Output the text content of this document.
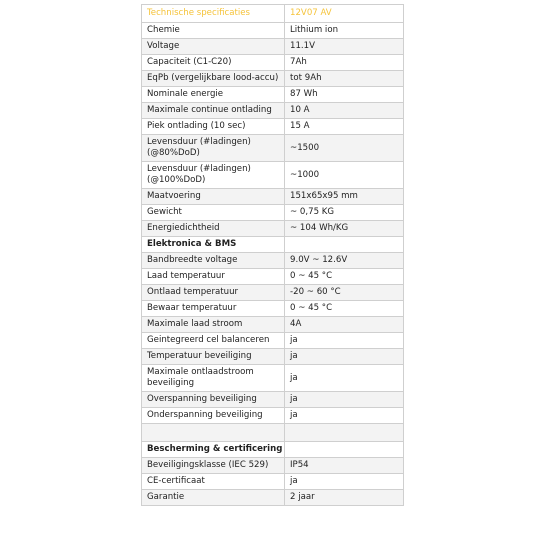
Technische specificaties	12V07 AV
Chemie	Lithium ion
Voltage	11.1V
Capaciteit (C1-C20)	7Ah
EqPb (vergelijkbare lood-accu)	tot 9Ah
Nominale energie	87 Wh
Maximale continue ontlading	10 A
Piek ontlading (10 sec)	15 A
Levensduur (#ladingen) (@80%DoD)	~1500
Levensduur (#ladingen) (@100%DoD)	~1000
Maatvoering	151x65x95 mm
Gewicht	~ 0,75 KG
Energiedichtheid	~ 104 Wh/KG
Elektronica & BMS	
Bandbreedte voltage	9.0V ~ 12.6V
Laad temperatuur	0 ~ 45 °C
Ontlaad temperatuur	-20 ~ 60 °C
Bewaar temperatuur	0 ~ 45 °C
Maximale laad stroom	4A
Geintegreerd cel balanceren	ja
Temperatuur beveiliging	ja
Maximale ontlaadstroom beveiliging	ja
Overspanning beveiliging	ja
Onderspanning beveiliging	ja

Bescherming & certificering	
Beveiligingsklasse (IEC 529)	IP54
CE-certificaat	ja
Garantie	2 jaar
